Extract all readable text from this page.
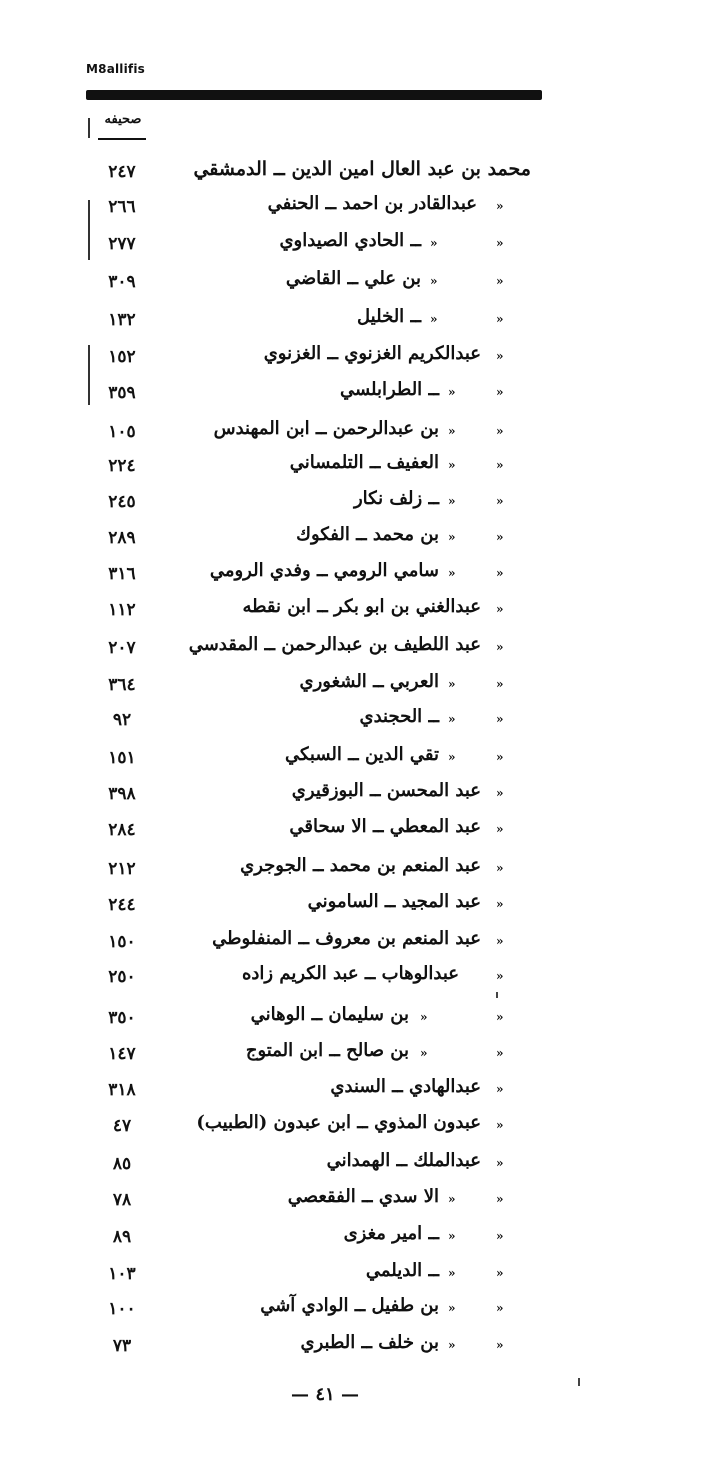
M8allifis
صحيفه
محمد بن عبد العال امين الدين ــ الدمشقي
٢٤٧
»
عبدالقادر بن احمد ــ الحنفي
٢٦٦
»
»
ــ الحادي الصيداوي
٢٧٧
»
»
بن علي ــ القاضي
٣٠٩
»
»
ــ الخليل
١٣٢
»
عبدالكريم الغزنوي ــ الغزنوي
١٥٢
»
»
ــ الطرابلسي
٣٥٩
»
»
بن عبدالرحمن ــ ابن المهندس
١٠٥
»
»
العفيف ــ التلمساني
٢٢٤
»
»
ــ زلف نكار
٢٤٥
»
»
بن محمد ــ الفكوك
٢٨٩
»
»
سامي الرومي ــ وفدي الرومي
٣١٦
»
عبدالغني بن ابو بكر ــ ابن نقطه
١١٢
»
عبد اللطيف بن عبدالرحمن ــ المقدسي
٢٠٧
»
»
العربي ــ الشغوري
٣٦٤
»
»
ــ الحجندي
٩٢
»
»
تقي الدين ــ السبكي
١٥١
»
عبد المحسن ــ البوزقيري
٣٩٨
»
عبد المعطي ــ الا سحاقي
٢٨٤
»
عبد المنعم بن محمد ــ الجوجري
٢١٢
»
عبد المجيد ــ الساموني
٢٤٤
»
عبد المنعم بن معروف ــ المنفلوطي
١٥٠
»
عبدالوهاب ــ عبد الكريم زاده
٢٥٠
»
»
بن سليمان ــ الوهاني
٣٥٠
»
»
بن صالح ــ ابن المتوج
١٤٧
»
عبدالهادي ــ السندي
٣١٨
»
عبدون المذوي ــ ابن عبدون (الطبيب)
٤٧
»
عبدالملك ــ الهمداني
٨٥
»
»
الا سدي ــ الفقعصي
٧٨
»
»
ــ امير مغزى
٨٩
»
»
ــ الديلمي
١٠٣
»
»
بن طفيل ــ الوادي آشي
١٠٠
»
»
بن خلف ــ الطبري
٧٣
— ٤١ —
